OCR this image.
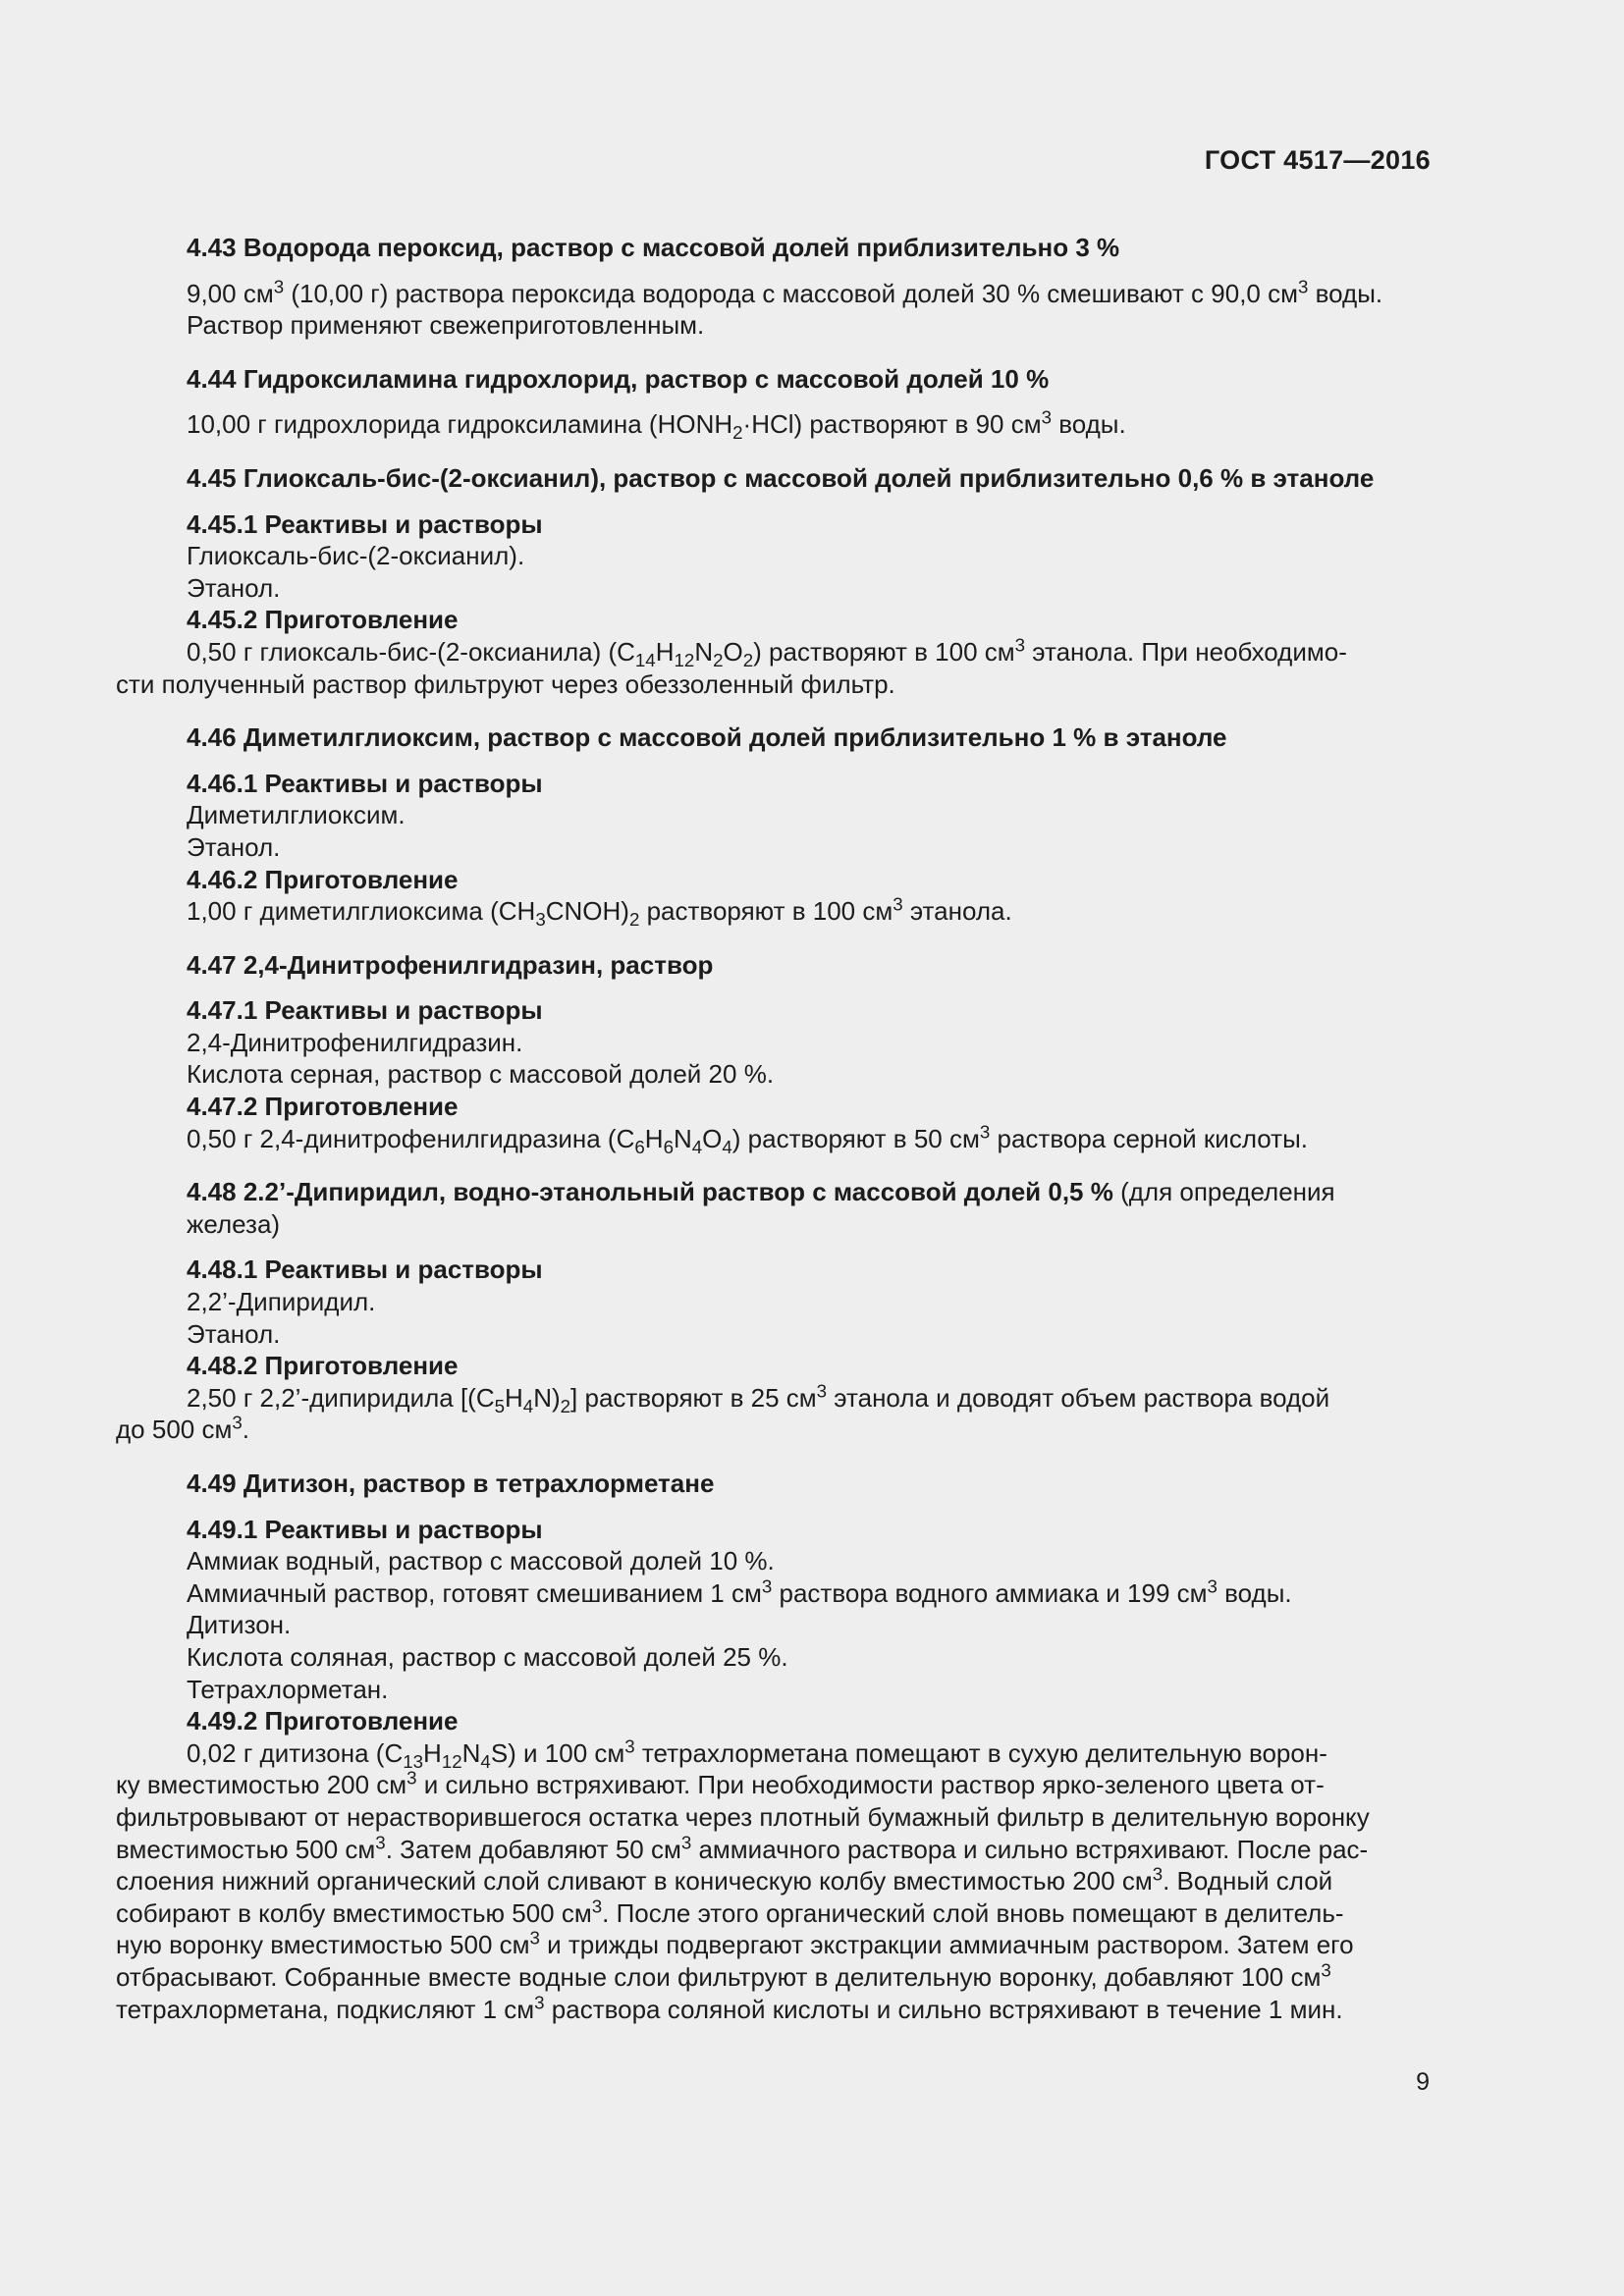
ГОСТ 4517—2016

4.43 Водорода пероксид, раствор с массовой долей приблизительно 3 %

9,00 $см^3$ (10,00 г) раствора пероксида водорода с массовой долей 30 % смешивают с 90,0 $см^3$ воды.

Раствор применяют свежеприготовленным.

4.44 Гидроксиламина гидрохлорид, раствор с массовой долей 10 %

10,00 г гидрохлорида гидроксиламина $(HONH_2\cdot HCl)$ растворяют в 90 $см^3$ воды.

4.45 Глиоксаль-бис-(2-оксианил), раствор с массовой долей приблизительно 0,6 % в этаноле

4.45.1 Реактивы и растворы

Глиоксаль-бис-(2-оксианил).

Этанол.

4.45.2 Приготовление

0,50 г глиоксаль-бис-(2-оксианила) $(C_{14}H_{12}N_2O_2)$ растворяют в 100 $см^3$ этанола. При необходимо-

сти полученный раствор фильтруют через обеззоленный фильтр.

4.46 Диметилглиоксим, раствор с массовой долей приблизительно 1 % в этаноле

4.46.1 Реактивы и растворы

Диметилглиоксим.

Этанол.

4.46.2 Приготовление

1,00 г диметилглиоксима $(CH_3CNOH)_2$ растворяют в 100 $см^3$ этанола.

4.47 2,4-Динитрофенилгидразин, раствор

4.47.1 Реактивы и растворы

2,4-Динитрофенилгидразин.

Кислота серная, раствор с массовой долей 20 %.

4.47.2 Приготовление

0,50 г 2,4-динитрофенилгидразина $(C_6H_6N_4O_4)$ растворяют в 50 $см^3$ раствора серной кислоты.

4.48 2.2’-Дипиридил, водно-этанольный раствор с массовой долей 0,5 % (для определения железа)

4.48.1 Реактивы и растворы

2,2’-Дипиридил.

Этанол.

4.48.2 Приготовление

2,50 г 2,2’-дипиридила $[(C_5H_4N)_2]$ растворяют в 25 $см^3$ этанола и доводят объем раствора водой

до 500 $см^3$.

4.49 Дитизон, раствор в тетрахлорметане

4.49.1 Реактивы и растворы

Аммиак водный, раствор с массовой долей 10 %.

Аммиачный раствор, готовят смешиванием 1 $см^3$ раствора водного аммиака и 199 $см^3$ воды.

Дитизон.

Кислота соляная, раствор с массовой долей 25 %.

Тетрахлорметан.

4.49.2 Приготовление

0,02 г дитизона $(C_{13}H_{12}N_4S)$ и 100 $см^3$ тетрахлорметана помещают в сухую делительную ворон-

ку вместимостью 200 $см^3$ и сильно встряхивают. При необходимости раствор ярко-зеленого цвета от-

фильтровывают от нерастворившегося остатка через плотный бумажный фильтр в делительную воронку

вместимостью 500 $см^3$. Затем добавляют 50 $см^3$ аммиачного раствора и сильно встряхивают. После рас-

слоения нижний органический слой сливают в коническую колбу вместимостью 200 $см^3$. Водный слой

собирают в колбу вместимостью 500 $см^3$. После этого органический слой вновь помещают в делитель-

ную воронку вместимостью 500 $см^3$ и трижды подвергают экстракции аммиачным раствором. Затем его

отбрасывают. Собранные вместе водные слои фильтруют в делительную воронку, добавляют 100 $см^3$

тетрахлорметана, подкисляют 1 $см^3$ раствора соляной кислоты и сильно встряхивают в течение 1 мин.

9
